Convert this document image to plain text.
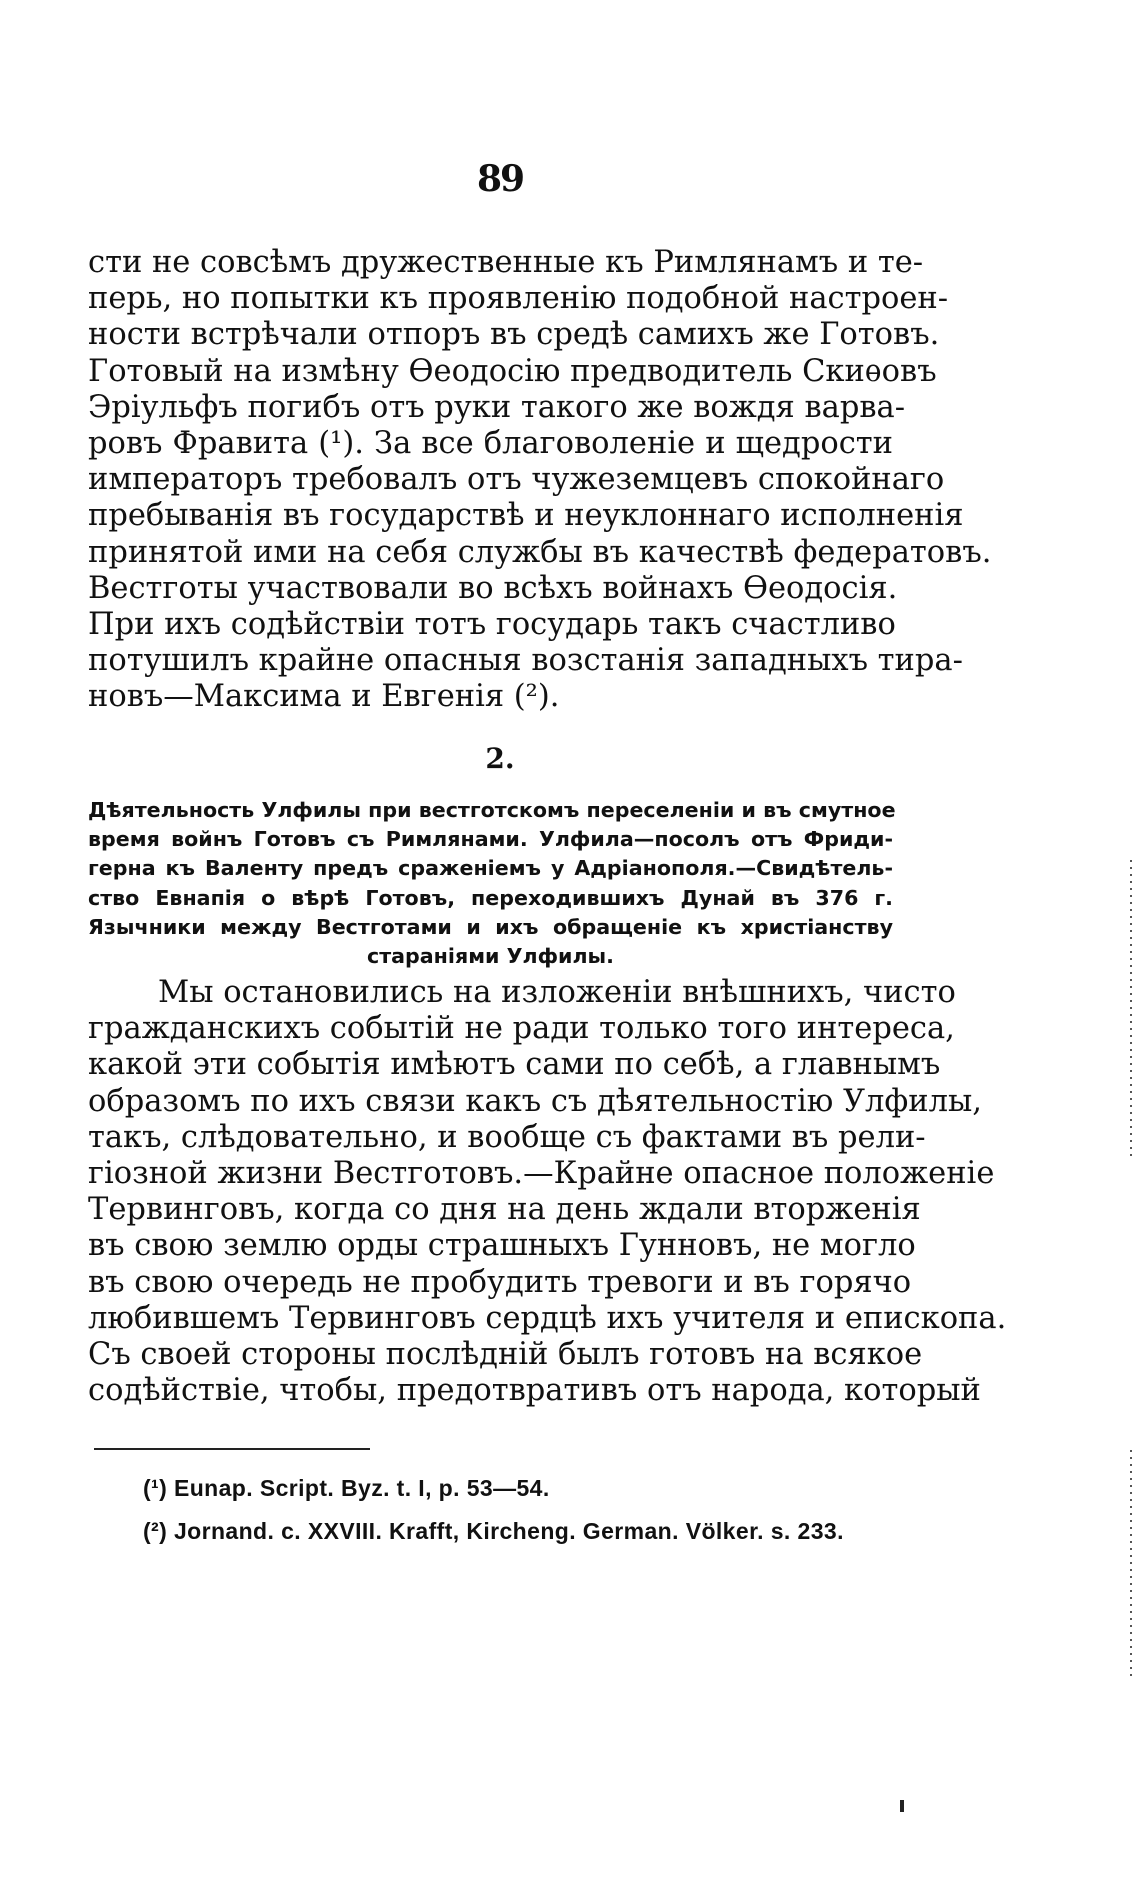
89
сти не совсѣмъ дружественные къ Римлянамъ и те-
перь, но попытки къ проявленію подобной настроен-
ности встрѣчали отпоръ въ средѣ самихъ же Готовъ.
Готовый на измѣну Ѳеодосію предводитель Скиѳовъ
Эріульфъ погибъ отъ руки такого же вождя варва-
ровъ Фравита (¹). За все благоволеніе и щедрости
императоръ требовалъ отъ чужеземцевъ спокойнаго
пребыванія въ государствѣ и неуклоннаго исполненія
принятой ими на себя службы въ качествѣ федератовъ.
Вестготы участвовали во всѣхъ войнахъ Ѳеодосія.
При ихъ содѣйствіи тотъ государь такъ счастливо
потушилъ крайне опасныя возстанія западныхъ тира-
новъ—Максима и Евгенія (²).
2.
Дѣятельность Улфилы при вестготскомъ переселеніи и въ смутное
время войнъ Готовъ съ Римлянами. Улфила—посолъ отъ Фриди-
герна къ Валенту предъ сраженіемъ у Адріанополя.—Свидѣтель-
ство Евнапія о вѣрѣ Готовъ, переходившихъ Дунай въ 376 г.
Язычники между Вестготами и ихъ обращеніе къ христіанству
стараніями Улфилы.
Мы остановились на изложеніи внѣшнихъ, чисто
гражданскихъ событій не ради только того интереса,
какой эти событія имѣютъ сами по себѣ, а главнымъ
образомъ по ихъ связи какъ съ дѣятельностію Улфилы,
такъ, слѣдовательно, и вообще съ фактами въ рели-
гіозной жизни Вестготовъ.—Крайне опасное положеніе
Тервинговъ, когда со дня на день ждали вторженія
въ свою землю орды страшныхъ Гунновъ, не могло
въ свою очередь не пробудить тревоги и въ горячо
любившемъ Тервинговъ сердцѣ ихъ учителя и епископа.
Съ своей стороны послѣдній былъ готовъ на всякое
содѣйствіе, чтобы, предотвративъ отъ народа, который
(¹) Eunap. Script. Byz. t. I, p. 53—54.
(²) Jornand. c. XXVIII. Krafft, Kircheng. German. Völker. s. 233.
